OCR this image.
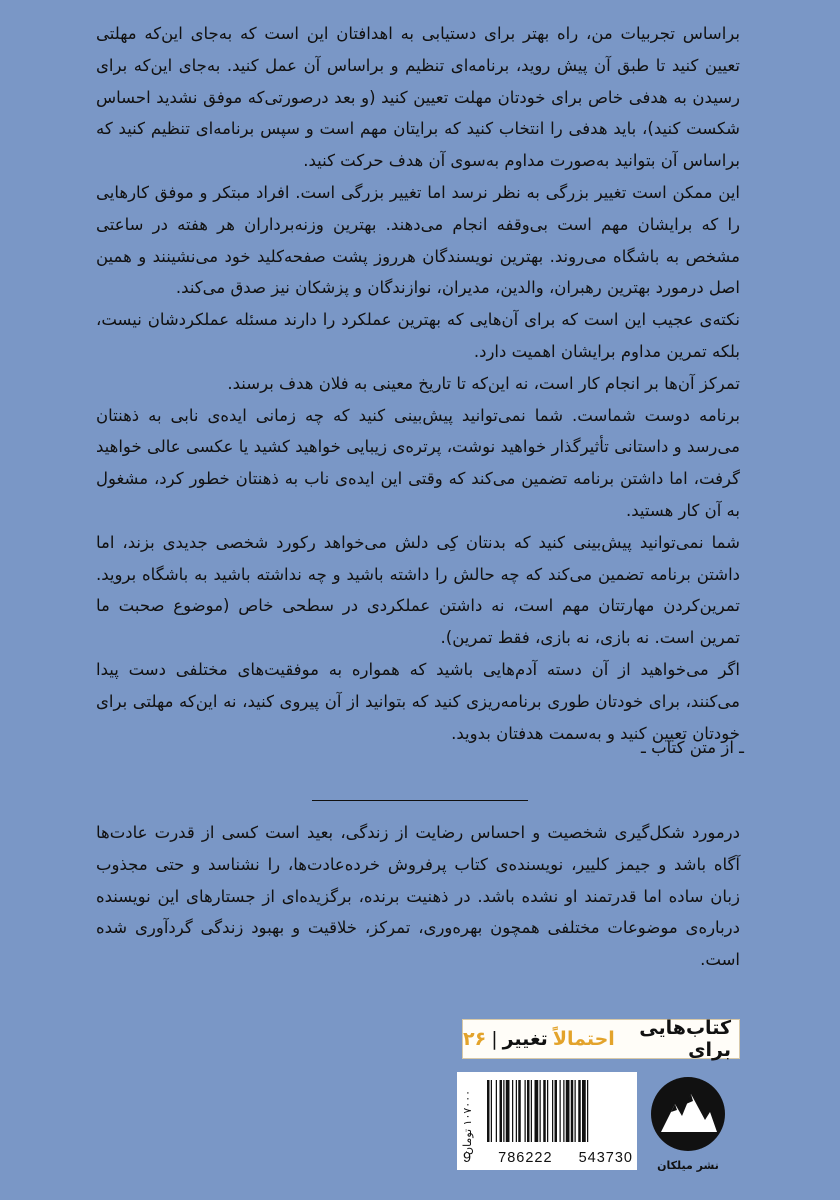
براساس تجربیات من، راه بهتر برای دستیابی به اهدافتان این است که به‌جای این‌که مهلتی تعیین کنید تا طبق آن پیش روید، برنامه‌ای تنظیم و براساس آن عمل کنید. به‌جای این‌که برای رسیدن به هدفی خاص برای خودتان مهلت تعیین کنید (و بعد درصورتی‌که موفق نشدید احساس شکست کنید)، باید هدفی را انتخاب کنید که برایتان مهم است و سپس برنامه‌ای تنظیم کنید که براساس آن بتوانید به‌صورت مداوم به‌سوی آن هدف حرکت کنید.

این ممکن است تغییر بزرگی به نظر نرسد اما تغییر بزرگی است. افراد مبتکر و موفق کارهایی را که برایشان مهم است بی‌وقفه انجام می‌دهند. بهترین وزنه‌برداران هر هفته در ساعتی مشخص به باشگاه می‌روند. بهترین نویسندگان هرروز پشت صفحه‌کلید خود می‌نشینند و همین اصل درمورد بهترین رهبران، والدین، مدیران، نوازندگان و پزشکان نیز صدق می‌کند.

نکته‌ی عجیب این است که برای آن‌هایی که بهترین عملکرد را دارند مسئله عملکردشان نیست، بلکه تمرین مداوم برایشان اهمیت دارد.

تمرکز آن‌ها بر انجام کار است، نه این‌که تا تاریخ معینی به فلان هدف برسند.

برنامه دوست شماست. شما نمی‌توانید پیش‌بینی کنید که چه زمانی ایده‌ی نابی به ذهنتان می‌رسد و داستانی تأثیرگذار خواهید نوشت، پرتره‌ی زیبایی خواهید کشید یا عکسی عالی خواهید گرفت، اما داشتن برنامه تضمین می‌کند که وقتی این ایده‌ی ناب به ذهنتان خطور کرد، مشغول به آن کار هستید.

شما نمی‌توانید پیش‌بینی کنید که بدنتان کِی دلش می‌خواهد رکورد شخصی جدیدی بزند، اما داشتن برنامه تضمین می‌کند که چه حالش را داشته باشید و چه نداشته باشید به باشگاه بروید. تمرین‌کردن مهارتتان مهم است، نه داشتن عملکردی در سطحی خاص (موضوع صحبت ما تمرین است. نه بازی، نه بازی، فقط تمرین).

اگر می‌خواهید از آن دسته آدم‌هایی باشید که همواره به موفقیت‌های مختلفی دست پیدا می‌کنند، برای خودتان طوری برنامه‌ریزی کنید که بتوانید از آن پیروی کنید، نه این‌که مهلتی برای خودتان تعیین کنید و به‌سمت هدفتان بدوید.

ـ از متن کتاب ـ

درمورد شکل‌گیری شخصیت و احساس رضایت از زندگی، بعید است کسی از قدرت عادت‌ها آگاه باشد و جیمز کلییر، نویسنده‌ی کتاب پرفروش خرده‌عادت‌ها، را نشناسد و حتی مجذوب زبان ساده اما قدرتمند او نشده باشد. در ذهنیت برنده، برگزیده‌ای از جستارهای این نویسنده درباره‌ی موضوعات مختلفی همچون بهره‌وری، تمرکز، خلاقیت و بهبود زندگی گردآوری شده است.

کتاب‌هایی برای
احتمالاً
تغییر
|
۲۶
9 786222 543730
۱۰۷۰۰۰ تومان
نشر میلکان
